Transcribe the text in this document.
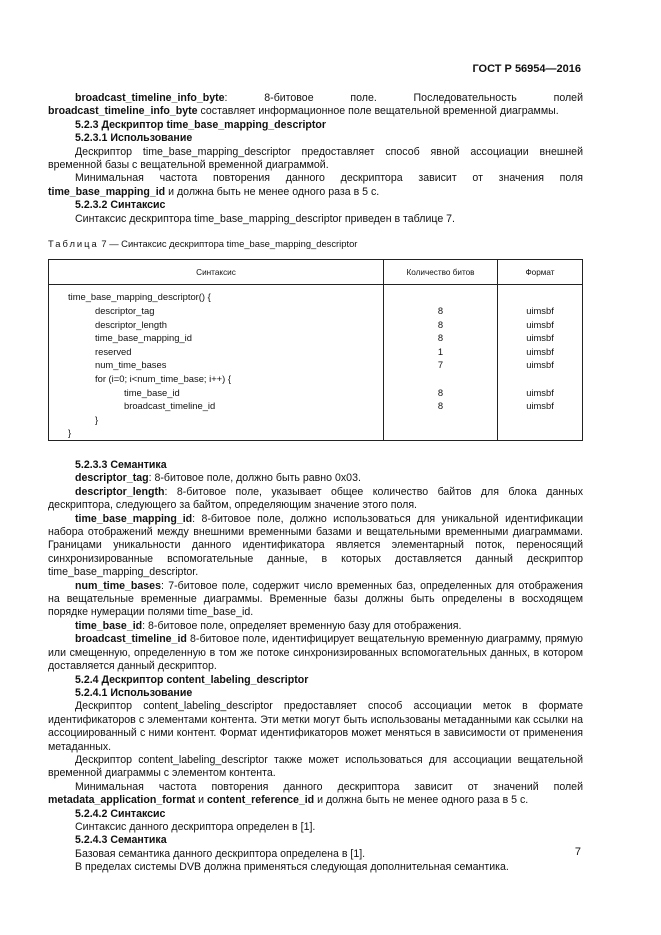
ГОСТ Р 56954—2016

broadcast_timeline_info_byte: 8-битовое поле. Последовательность полей broadcast_timeline_info_byte составляет информационное поле вещательной временной диаграммы.

5.2.3 Дескриптор time_base_mapping_descriptor

5.2.3.1 Использование

Дескриптор time_base_mapping_descriptor предоставляет способ явной ассоциации внешней временной базы с вещательной временной диаграммой.

Минимальная частота повторения данного дескриптора зависит от значения поля time_base_mapping_id и должна быть не менее одного раза в 5 с.

5.2.3.2 Синтаксис

Синтаксис дескриптора time_base_mapping_descriptor приведен в таблице 7.

Таблица 7 — Синтаксис дескриптора time_base_mapping_descriptor

Синтаксис	Количество битов	Формат
time_base_mapping_descriptor() {		

descriptor_tag	8	uimsbf

descriptor_length	8	uimsbf

time_base_mapping_id	8	uimsbf

reserved	1	uimsbf

num_time_bases	7	uimsbf

for (i=0; i<num_time_base; i++) {		

time_base_id	8	uimsbf

broadcast_timeline_id	8	uimsbf

}		

}		

5.2.3.3 Семантика

descriptor_tag: 8-битовое поле, должно быть равно 0x03.

descriptor_length: 8-битовое поле, указывает общее количество байтов для блока данных дескриптора, следующего за байтом, определяющим значение этого поля.

time_base_mapping_id: 8-битовое поле, должно использоваться для уникальной идентификации набора отображений между внешними временными базами и вещательными временными диаграммами. Границами уникальности данного идентификатора является элементарный поток, переносящий синхронизированные вспомогательные данные, в которых доставляется данный дескриптор time_base_mapping_descriptor.

num_time_bases: 7-битовое поле, содержит число временных баз, определенных для отображения на вещательные временные диаграммы. Временные базы должны быть определены в восходящем порядке нумерации полями time_base_id.

time_base_id: 8-битовое поле, определяет временную базу для отображения.

broadcast_timeline_id 8-битовое поле, идентифицирует вещательную временную диаграмму, прямую или смещенную, определенную в том же потоке синхронизированных вспомогательных данных, в котором доставляется данный дескриптор.

5.2.4 Дескриптор content_labeling_descriptor

5.2.4.1 Использование

Дескриптор content_labeling_descriptor предоставляет способ ассоциации меток в формате идентификаторов с элементами контента. Эти метки могут быть использованы метаданными как ссылки на ассоциированный с ними контент. Формат идентификаторов может меняться в зависимости от применения метаданных.

Дескриптор content_labeling_descriptor также может использоваться для ассоциации вещательной временной диаграммы с элементом контента.

Минимальная частота повторения данного дескриптора зависит от значений полей metadata_application_format и content_reference_id и должна быть не менее одного раза в 5 с.

5.2.4.2 Синтаксис

Синтаксис данного дескриптора определен в [1].

5.2.4.3 Семантика

Базовая семантика данного дескриптора определена в [1].

В пределах системы DVB должна применяться следующая дополнительная семантика.

7
